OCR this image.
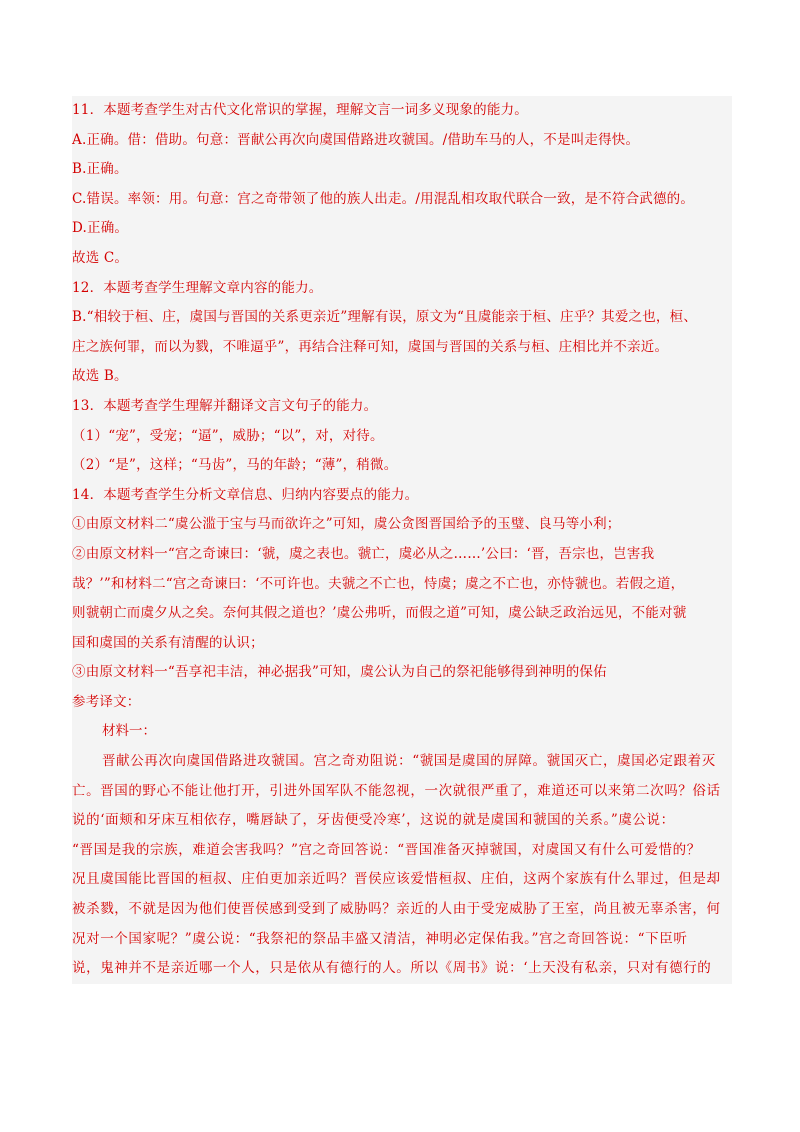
11．本题考查学生对古代文化常识的掌握，理解文言一词多义现象的能力。
A.正确。借：借助。句意：晋献公再次向虞国借路进攻虢国。/借助车马的人，不是叫走得快。
B.正确。
C.错误。率领：用。句意：宫之奇带领了他的族人出走。/用混乱相攻取代联合一致，是不符合武德的。
D.正确。
故选 C。
12．本题考查学生理解文章内容的能力。
B.“相较于桓、庄，虞国与晋国的关系更亲近”理解有误，原文为“且虞能亲于桓、庄乎？其爱之也，桓、
庄之族何罪，而以为戮，不唯逼乎”，再结合注释可知，虞国与晋国的关系与桓、庄相比并不亲近。
故选 B。
13．本题考查学生理解并翻译文言文句子的能力。
（1）“宠”，受宠；“逼”，威胁；“以”，对，对待。
（2）“是”，这样；“马齿”，马的年龄；“薄”，稍微。
14．本题考查学生分析文章信息、归纳内容要点的能力。
①由原文材料二“虞公滥于宝与马而欲许之”可知，虞公贪图晋国给予的玉璧、良马等小利；
②由原文材料一“宫之奇谏曰：‘虢，虞之表也。虢亡，虞必从之……’公曰：‘晋，吾宗也，岂害我
哉？’”和材料二“宫之奇谏曰：‘不可许也。夫虢之不亡也，恃虞；虞之不亡也，亦恃虢也。若假之道，
则虢朝亡而虞夕从之矣。奈何其假之道也？’虞公弗听，而假之道”可知，虞公缺乏政治远见，不能对虢
国和虞国的关系有清醒的认识；
③由原文材料一“吾享祀丰洁，神必据我”可知，虞公认为自己的祭祀能够得到神明的保佑
参考译文：
材料一：
晋献公再次向虞国借路进攻虢国。宫之奇劝阻说：“虢国是虞国的屏障。虢国灭亡，虞国必定跟着灭
亡。晋国的野心不能让他打开，引进外国军队不能忽视，一次就很严重了，难道还可以来第二次吗？俗话
说的‘面颊和牙床互相依存，嘴唇缺了，牙齿便受冷寒’，这说的就是虞国和虢国的关系。”虞公说：
“晋国是我的宗族，难道会害我吗？”宫之奇回答说：“晋国准备灭掉虢国，对虞国又有什么可爱惜的？
况且虞国能比晋国的桓叔、庄伯更加亲近吗？晋侯应该爱惜桓叔、庄伯，这两个家族有什么罪过，但是却
被杀戮，不就是因为他们使晋侯感到受到了威胁吗？亲近的人由于受宠威胁了王室，尚且被无辜杀害，何
况对一个国家呢？”虞公说：“我祭祀的祭品丰盛又清洁，神明必定保佑我。”宫之奇回答说：“下臣听
说，鬼神并不是亲近哪一个人，只是依从有德行的人。所以《周书》说：‘上天没有私亲，只对有德行的
